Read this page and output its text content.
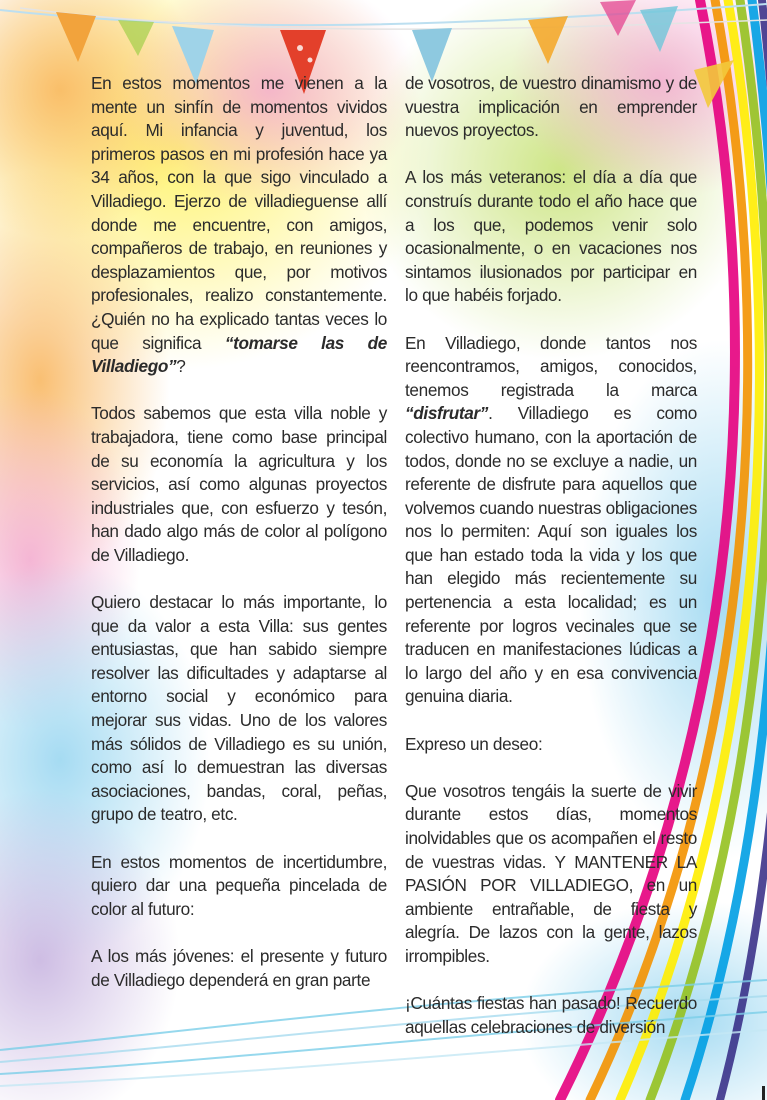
En estos momentos me vienen a la mente un sinfín de momentos vividos aquí. Mi infancia y juventud, los primeros pasos en mi profesión hace ya 34 años, con la que sigo vinculado a Villadiego. Ejerzo de villadieguense allí donde me encuentre, con amigos, compañeros de trabajo, en reuniones y desplazamientos que, por motivos profesionales, realizo constantemente. ¿Quién no ha explicado tantas veces lo que significa “tomarse las de Villadiego”?

Todos sabemos que esta villa noble y trabajadora, tiene como base principal de su economía la agricultura y los servicios, así como algunas proyectos industriales que, con esfuerzo y tesón, han dado algo más de color al polígono de Villadiego.

Quiero destacar lo más importante, lo que da valor a esta Villa: sus gentes entusiastas, que han sabido siempre resolver las dificultades y adaptarse al entorno social y económico para mejorar sus vidas. Uno de los valores más sólidos de Villadiego es su unión, como así lo demuestran las diversas asociaciones, bandas, coral, peñas, grupo de teatro, etc.

En estos momentos de incertidumbre, quiero dar una pequeña pincelada de color al futuro:

A los más jóvenes: el presente y futuro de Villadiego dependerá en gran parte

de vosotros, de vuestro dinamismo y de vuestra implicación en emprender nuevos proyectos.

A los más veteranos: el día a día que construís durante todo el año hace que a los que, podemos venir solo ocasionalmente, o en vacaciones nos sintamos ilusionados por participar en lo que habéis forjado.

En Villadiego, donde tantos nos reencontramos, amigos, conocidos, tenemos registrada la marca “disfrutar”. Villadiego es como colectivo humano, con la aportación de todos, donde no se excluye a nadie, un referente de disfrute para aquellos que volvemos cuando nuestras obligaciones nos lo permiten: Aquí son iguales los que han estado toda la vida y los que han elegido más recientemente su pertenencia a esta localidad; es un referente por logros vecinales que se traducen en manifestaciones lúdicas a lo largo del año y en esa convivencia genuina diaria.

Expreso un deseo:

Que vosotros tengáis la suerte de vivir durante estos días, momentos inolvidables que os acompañen el resto de vuestras vidas. Y MANTENER LA PASIÓN POR VILLADIEGO, en un ambiente entrañable, de fiesta y alegría. De lazos con la gente, lazos irrompibles.

¡Cuántas fiestas han pasado! Recuerdo aquellas celebraciones de diversión
